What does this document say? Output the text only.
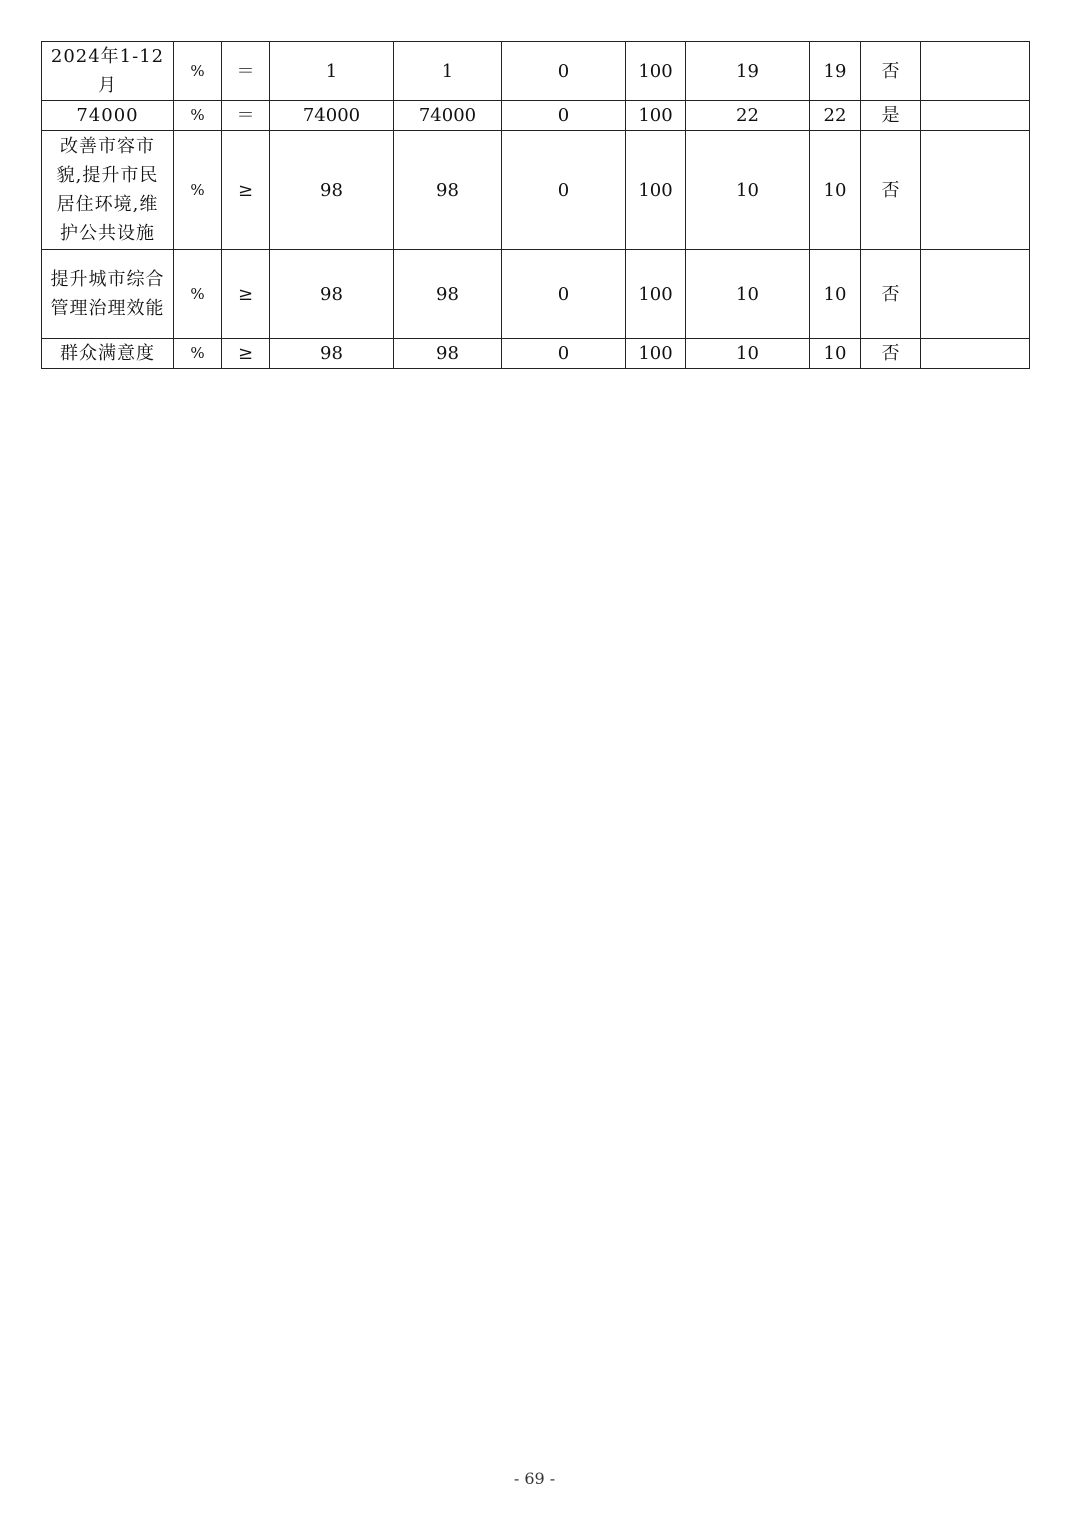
2024年1-12月	%	＝	1	1	0	100	19	19	否	
74000	%	＝	74000	74000	0	100	22	22	是	
改善市容市貌,提升市民居住环境,维护公共设施	%	≥	98	98	0	100	10	10	否	
提升城市综合管理治理效能	%	≥	98	98	0	100	10	10	否	
群众满意度	%	≥	98	98	0	100	10	10	否	
- 69 -
